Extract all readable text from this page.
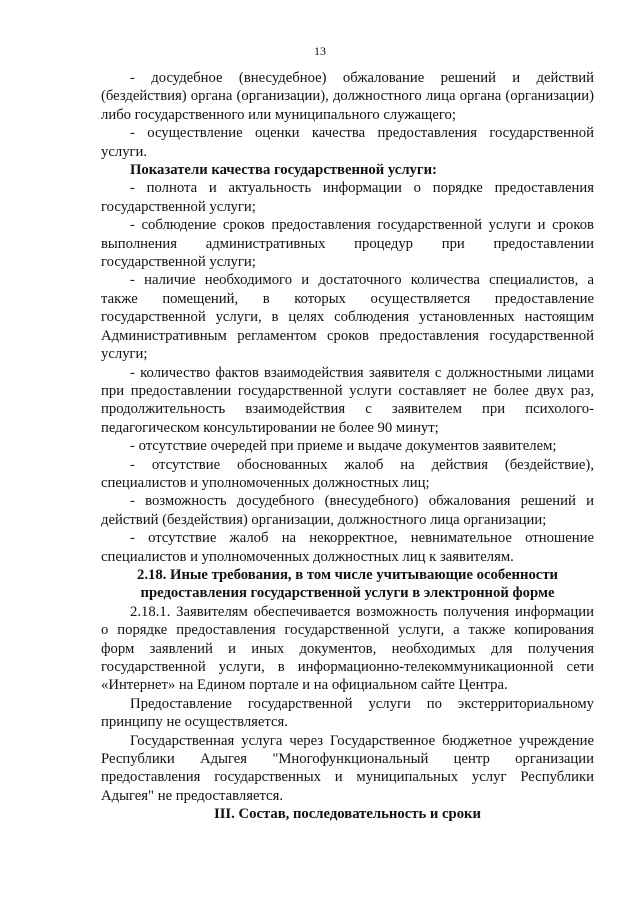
13

- досудебное (внесудебное) обжалование решений и действий (бездействия) органа (организации), должностного лица органа (организации) либо государственного или муниципального служащего;

- осуществление оценки качества предоставления государственной услуги.

Показатели качества государственной услуги:

- полнота и актуальность информации о порядке предоставления государственной услуги;

- соблюдение сроков предоставления государственной услуги и сроков выполнения административных процедур при предоставлении государственной услуги;

- наличие необходимого и достаточного количества специалистов, а также помещений, в которых осуществляется предоставление государственной услуги, в целях соблюдения установленных настоящим Административным регламентом сроков предоставления государственной услуги;

- количество фактов взаимодействия заявителя с должностными лицами при предоставлении государственной услуги составляет не более двух раз, продолжительность взаимодействия с заявителем при психолого-педагогическом консультировании не более 90 минут;

- отсутствие очередей при приеме и выдаче документов заявителем;

- отсутствие обоснованных жалоб на действия (бездействие), специалистов и уполномоченных должностных лиц;

- возможность досудебного (внесудебного) обжалования решений и действий (бездействия) организации, должностного лица организации;

- отсутствие жалоб на некорректное, невнимательное отношение специалистов и уполномоченных должностных лиц к заявителям.

2.18. Иные требования, в том числе учитывающие особенности
предоставления государственной услуги в электронной форме

2.18.1. Заявителям обеспечивается возможность получения информации о порядке предоставления государственной услуги, а также копирования форм заявлений и иных документов, необходимых для получения государственной услуги, в информационно-телекоммуникационной сети «Интернет» на Едином портале и на официальном сайте Центра.

Предоставление государственной услуги по экстерриториальному принципу не осуществляется.

Государственная услуга через Государственное бюджетное учреждение Республики Адыгея "Многофункциональный центр организации предоставления государственных и муниципальных услуг Республики Адыгея" не предоставляется.

III. Состав, последовательность и сроки
